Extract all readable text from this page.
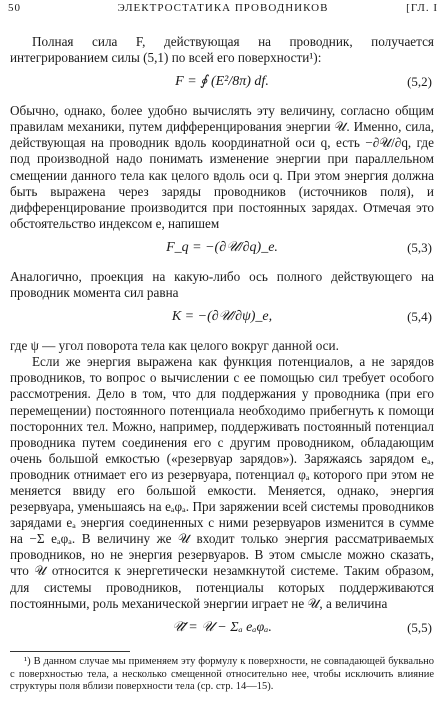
50	ЭЛЕКТРОСТАТИКА ПРОВОДНИКОВ	[ГЛ. I

Полная сила F, действующая на проводник, получается интегрированием силы (5,1) по всей его поверхности¹):

F = ∮ (E²/8π) df.	(5,2)

Обычно, однако, более удобно вычислять эту величину, согласно общим правилам механики, путем дифференцирования энергии 𝒰. Именно, сила, действующая на проводник вдоль координатной оси q, есть −∂𝒰/∂q, где под производной надо понимать изменение энергии при параллельном смещении данного тела как целого вдоль оси q. При этом энергия должна быть выражена через заряды проводников (источников поля), и дифференцирование производится при постоянных зарядах. Отмечая это обстоятельство индексом e, напишем

F_q = −(∂𝒰/∂q)_e.	(5,3)

Аналогично, проекция на какую-либо ось полного действующего на проводник момента сил равна

K = −(∂𝒰/∂ψ)_e,	(5,4)

где ψ — угол поворота тела как целого вокруг данной оси.

Если же энергия выражена как функция потенциалов, а не зарядов проводников, то вопрос о вычислении с ее помощью сил требует особого рассмотрения. Дело в том, что для поддержания у проводника (при его перемещении) постоянного потенциала необходимо прибегнуть к помощи посторонних тел. Можно, например, поддерживать постоянный потенциал проводника путем соединения его с другим проводником, обладающим очень большой емкостью («резервуар зарядов»). Заряжаясь зарядом eₐ, проводник отнимает его из резервуара, потенциал φₐ которого при этом не меняется ввиду его большой емкости. Меняется, однако, энергия резервуара, уменьшаясь на eₐφₐ. При заряжении всей системы проводников зарядами eₐ энергия соединенных с ними резервуаров изменится в сумме на −Σ eₐφₐ. В величину же 𝒰 входит только энергия рассматриваемых проводников, но не энергия резервуаров. В этом смысле можно сказать, что 𝒰 относится к энергетически незамкнутой системе. Таким образом, для системы проводников, потенциалы которых поддерживаются постоянными, роль механической энергии играет не 𝒰, а величина

𝒰̃ = 𝒰 − Σₐ eₐφₐ.	(5,5)
¹) В данном случае мы применяем эту формулу к поверхности, не совпадающей буквально с поверхностью тела, а несколько смещенной относительно нее, чтобы исключить влияние структуры поля вблизи поверхности тела (ср. стр. 14—15).
